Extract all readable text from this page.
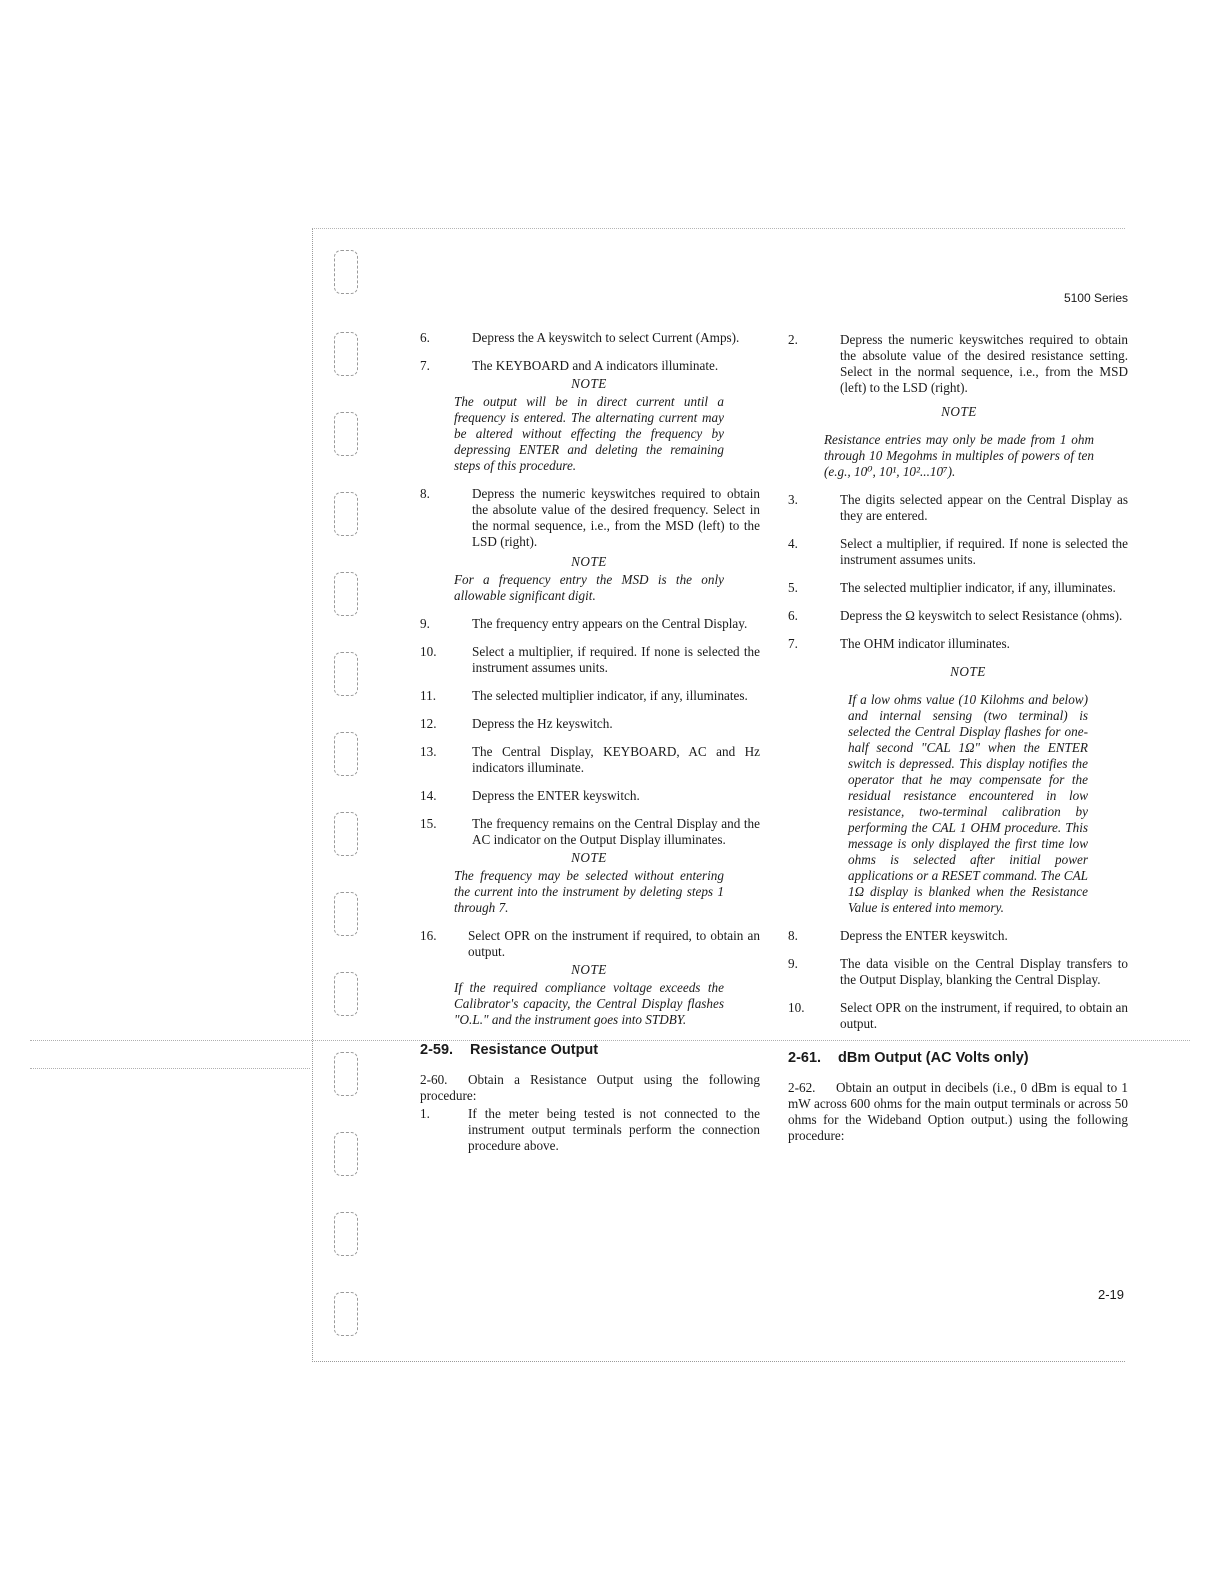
5100 Series
6.	Depress the A keyswitch to select Current (Amps).
7.	The KEYBOARD and A indicators illuminate.
NOTE
The output will be in direct current until a frequency is entered. The alternating current may be altered without effecting the frequency by depressing ENTER and deleting the remaining steps of this procedure.
8.	Depress the numeric keyswitches required to obtain the absolute value of the desired frequency. Select in the normal sequence, i.e., from the MSD (left) to the LSD (right).
NOTE
For a frequency entry the MSD is the only allowable significant digit.
9.	The frequency entry appears on the Central Display.
10.	Select a multiplier, if required. If none is selected the instrument assumes units.
11.	The selected multiplier indicator, if any, illuminates.
12.	Depress the Hz keyswitch.
13.	The Central Display, KEYBOARD, AC and Hz indicators illuminate.
14.	Depress the ENTER keyswitch.
15.	The frequency remains on the Central Display and the AC indicator on the Output Display illuminates.
NOTE
The frequency may be selected without entering the current into the instrument by deleting steps 1 through 7.
16.	Select OPR on the instrument if required, to obtain an output.
NOTE
If the required compliance voltage exceeds the Calibrator's capacity, the Central Display flashes "O.L." and the instrument goes into STDBY.
2-59.	Resistance Output
2-60. Obtain a Resistance Output using the following procedure:
1.	If the meter being tested is not connected to the instrument output terminals perform the connection procedure above.
2.	Depress the numeric keyswitches required to obtain the absolute value of the desired resistance setting. Select in the normal sequence, i.e., from the MSD (left) to the LSD (right).
NOTE
Resistance entries may only be made from 1 ohm through 10 Megohms in multiples of powers of ten (e.g., 10⁰, 10¹, 10²...10⁷).
3.	The digits selected appear on the Central Display as they are entered.
4.	Select a multiplier, if required. If none is selected the instrument assumes units.
5.	The selected multiplier indicator, if any, illuminates.
6.	Depress the Ω keyswitch to select Resistance (ohms).
7.	The OHM indicator illuminates.
NOTE
If a low ohms value (10 Kilohms and below) and internal sensing (two terminal) is selected the Central Display flashes for one-half second "CAL 1Ω" when the ENTER switch is depressed. This display notifies the operator that he may compensate for the residual resistance encountered in low resistance, two-terminal calibration by performing the CAL 1 OHM procedure. This message is only displayed the first time low ohms is selected after initial power applications or a RESET command. The CAL 1Ω display is blanked when the Resistance Value is entered into memory.
8.	Depress the ENTER keyswitch.
9.	The data visible on the Central Display transfers to the Output Display, blanking the Central Display.
10.	Select OPR on the instrument, if required, to obtain an output.
2-61.	dBm Output (AC Volts only)
2-62. Obtain an output in decibels (i.e., 0 dBm is equal to 1 mW across 600 ohms for the main output terminals or across 50 ohms for the Wideband Option output.) using the following procedure:
2-19
